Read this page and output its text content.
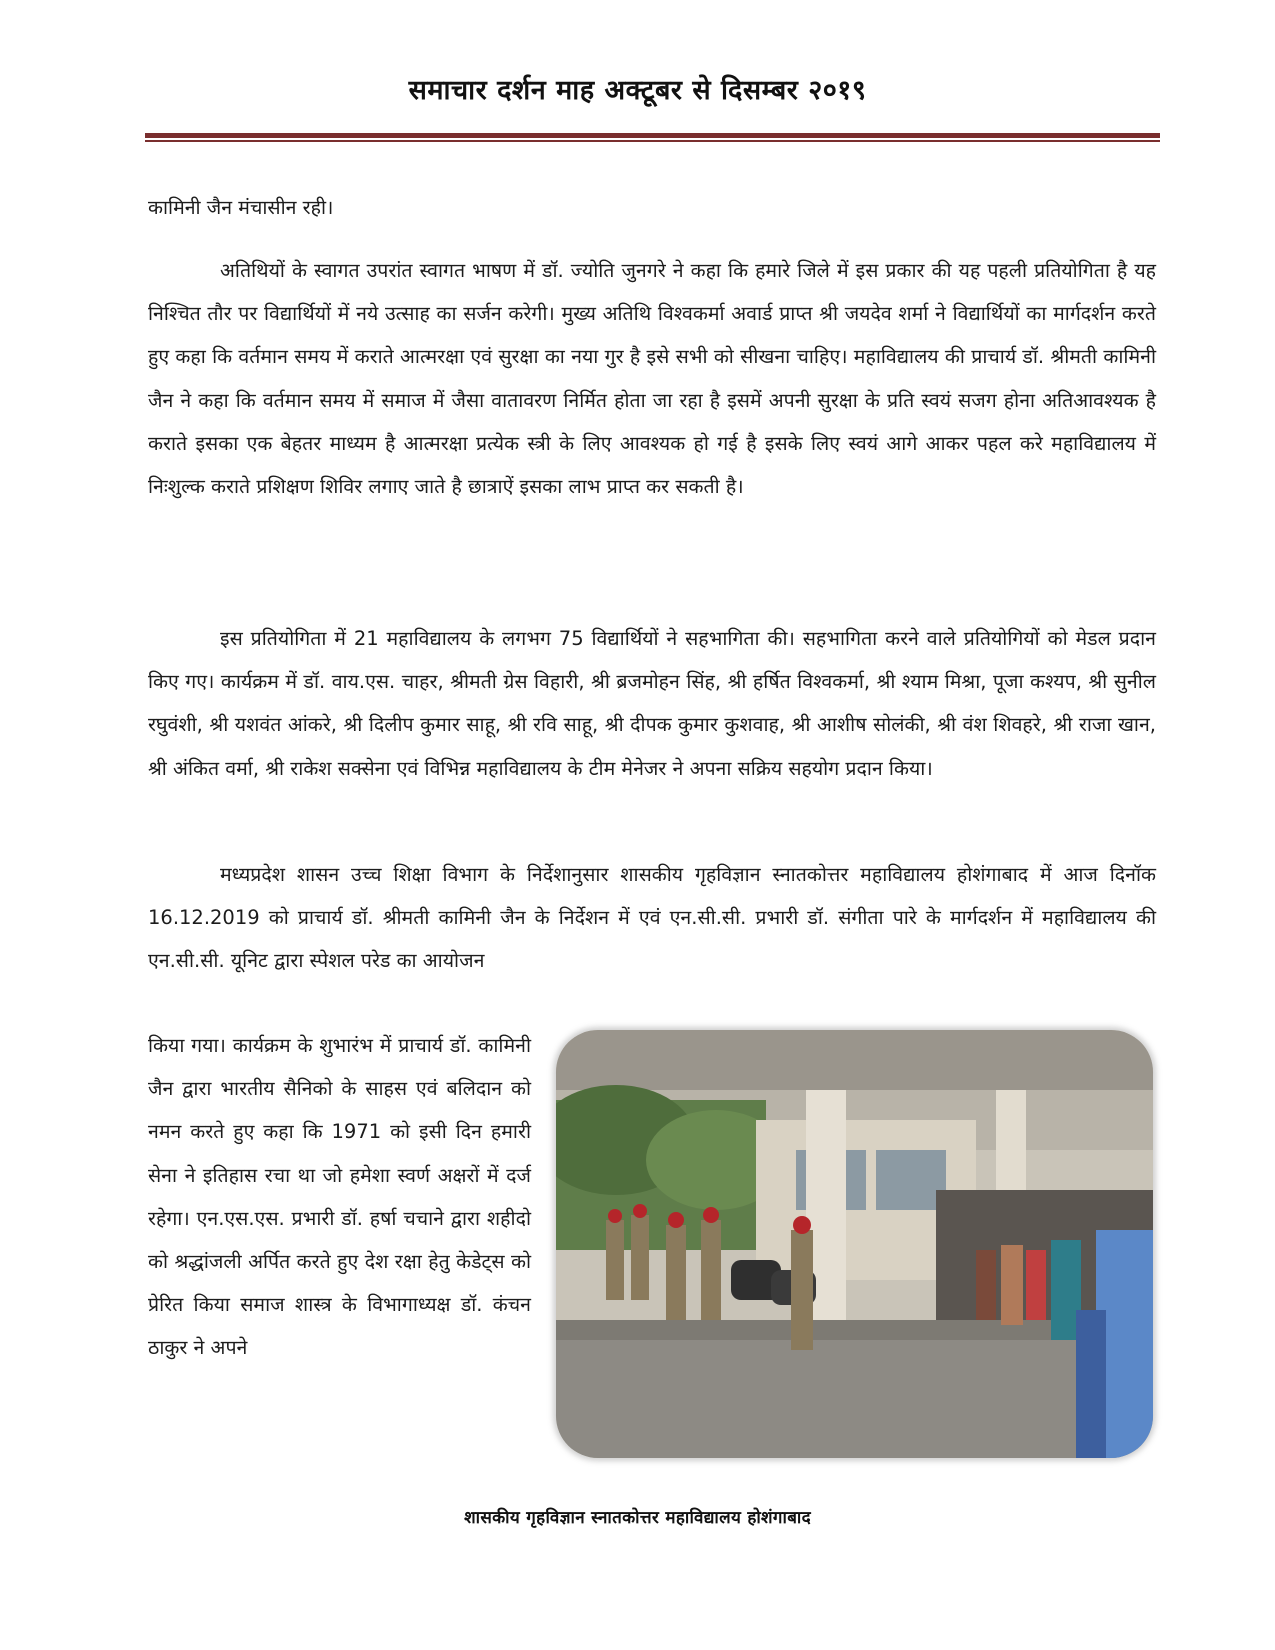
समाचार दर्शन माह अक्टूबर से दिसम्बर २०१९

कामिनी जैन मंचासीन रही।

अतिथियों के स्वागत उपरांत स्वागत भाषण में डॉ. ज्योति जुनगरे ने कहा कि हमारे जिले में इस प्रकार की यह पहली प्रतियोगिता है यह निश्चित तौर पर विद्यार्थियों में नये उत्साह का सर्जन करेगी। मुख्य अतिथि विश्वकर्मा अवार्ड प्राप्त श्री जयदेव शर्मा ने विद्यार्थियों का मार्गदर्शन करते हुए कहा कि वर्तमान समय में कराते आत्मरक्षा एवं सुरक्षा का नया गुर है इसे सभी को सीखना चाहिए। महाविद्यालय की प्राचार्य डॉ. श्रीमती कामिनी जैन ने कहा कि वर्तमान समय में समाज में जैसा वातावरण निर्मित होता जा रहा है इसमें अपनी सुरक्षा के प्रति स्वयं सजग होना अतिआवश्यक है कराते इसका एक बेहतर माध्यम है आत्मरक्षा प्रत्येक स्त्री के लिए आवश्यक हो गई है इसके लिए स्वयं आगे आकर पहल करे महाविद्यालय में निःशुल्क कराते प्रशिक्षण शिविर लगाए जाते है छात्राऐं इसका लाभ प्राप्त कर सकती है।

इस प्रतियोगिता में 21 महाविद्यालय के लगभग 75 विद्यार्थियों ने सहभागिता की। सहभागिता करने वाले प्रतियोगियों को मेडल प्रदान किए गए। कार्यक्रम में डॉ. वाय.एस. चाहर, श्रीमती ग्रेस विहारी, श्री ब्रजमोहन सिंह, श्री हर्षित विश्वकर्मा, श्री श्याम मिश्रा, पूजा कश्यप, श्री सुनील रघुवंशी, श्री यशवंत आंकरे, श्री दिलीप कुमार साहू, श्री रवि साहू, श्री दीपक कुमार कुशवाह, श्री आशीष सोलंकी, श्री वंश शिवहरे, श्री राजा खान, श्री अंकित वर्मा, श्री राकेश सक्सेना एवं विभिन्न महाविद्यालय के टीम मेनेजर ने अपना सक्रिय सहयोग प्रदान किया।

मध्यप्रदेश शासन उच्च शिक्षा विभाग के निर्देशानुसार शासकीय गृहविज्ञान स्नातकोत्तर महाविद्यालय होशंगाबाद में आज दिनॉक 16.12.2019 को प्राचार्य डॉ. श्रीमती कामिनी जैन के निर्देशन में एवं एन.सी.सी. प्रभारी डॉ. संगीता पारे के मार्गदर्शन में महाविद्यालय की एन.सी.सी. यूनिट द्वारा स्पेशल परेड का आयोजन

किया गया। कार्यक्रम के शुभारंभ में प्राचार्य डॉ. कामिनी जैन द्वारा भारतीय सैनिको के साहस एवं बलिदान को नमन करते हुए कहा कि 1971 को इसी दिन हमारी सेना ने इतिहास रचा था जो हमेशा स्वर्ण अक्षरों में दर्ज रहेगा। एन.एस.एस. प्रभारी डॉ. हर्षा चचाने द्वारा शहीदो को श्रद्धांजली अर्पित करते हुए देश रक्षा हेतु केडेट्स को प्रेरित किया समाज शास्त्र के विभागाध्यक्ष डॉ. कंचन ठाकुर ने अपने

शासकीय गृहविज्ञान स्नातकोत्तर महाविद्यालय होशंगाबाद
